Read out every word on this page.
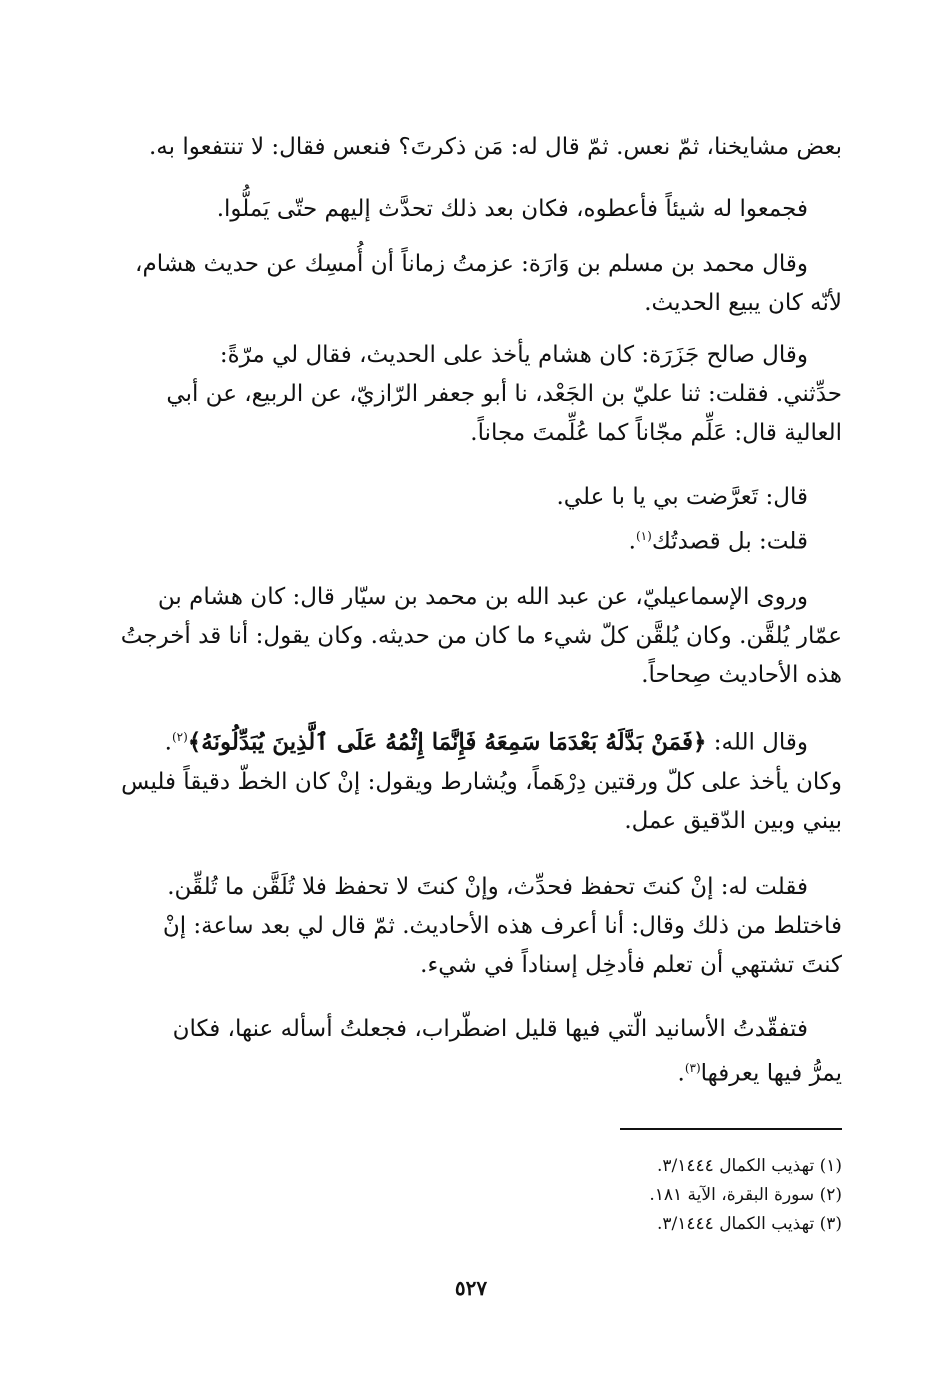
بعض مشايخنا، ثمّ نعس. ثمّ قال له: مَن ذكرتَ؟ فنعس فقال: لا تنتفعوا به.
فجمعوا له شيئاً فأعطوه، فكان بعد ذلك تحدَّث إليهم حتّى يَملُّوا.
وقال محمد بن مسلم بن وَارَة: عزمتُ زماناً أن أُمسِك عن حديث هشام،
لأنّه كان يبيع الحديث.
وقال صالح جَزَرَة: كان هشام يأخذ على الحديث، فقال لي مرّةً:
حدِّثني. فقلت: ثنا عليّ بن الجَعْد، نا أبو جعفر الرّازيّ، عن الربيع، عن أبي
العالية قال: عَلِّم مجّاناً كما عُلِّمتَ مجاناً.
قال: تَعرَّضت بي يا با علي.
قلت: بل قصدتُك$^{(١)}$.
وروى الإسماعيليّ، عن عبد الله بن محمد بن سيّار قال: كان هشام بن
عمّار يُلقَّن. وكان يُلقَّن كلّ شيء ما كان من حديثه. وكان يقول: أنا قد أخرجتُ
هذه الأحاديث صِحاحاً.
وقال الله: ﴿فَمَنْ بَدَّلَهُ بَعْدَمَا سَمِعَهُ فَإِنَّمَا إِثْمُهُ عَلَى ٱلَّذِينَ يُبَدِّلُونَهُ﴾$^{(٢)}$.
وكان يأخذ على كلّ ورقتين دِرْهَماً، ويُشارط ويقول: إنْ كان الخطّ دقيقاً فليس
بيني وبين الدّقيق عمل.
فقلت له: إنْ كنتَ تحفظ فحدِّث، وإنْ كنتَ لا تحفظ فلا تُلَقَّن ما تُلقِّن.
فاختلط من ذلك وقال: أنا أعرف هذه الأحاديث. ثمّ قال لي بعد ساعة: إنْ
كنتَ تشتهي أن تعلم فأدخِل إسناداً في شيء.
فتفقّدتُ الأسانيد الّتي فيها قليل اضطّراب، فجعلتُ أسأله عنها، فكان
يمرُّ فيها يعرفها$^{(٣)}$.
(١) تهذيب الكمال ٣/١٤٤٤.
(٢) سورة البقرة، الآية ١٨١.
(٣) تهذيب الكمال ٣/١٤٤٤.
٥٢٧
